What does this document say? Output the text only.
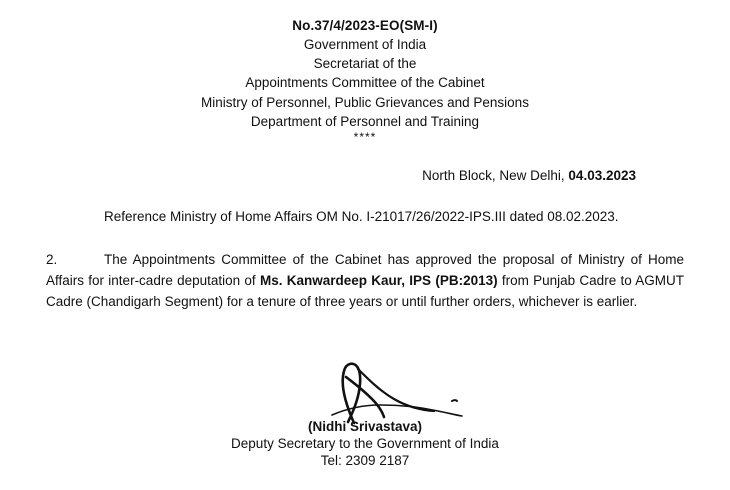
No.37/4/2023-EO(SM-I)
Government of India
Secretariat of the
Appointments Committee of the Cabinet
Ministry of Personnel, Public Grievances and Pensions
Department of Personnel and Training
****
North Block, New Delhi, 04.03.2023
Reference Ministry of Home Affairs OM No. I-21017/26/2022-IPS.III dated 08.02.2023.
2.	The Appointments Committee of the Cabinet has approved the proposal of Ministry of Home Affairs for inter-cadre deputation of Ms. Kanwardeep Kaur, IPS (PB:2013) from Punjab Cadre to AGMUT Cadre (Chandigarh Segment) for a tenure of three years or until further orders, whichever is earlier.
(Nidhi Srivastava)
Deputy Secretary to the Government of India
Tel: 2309 2187
